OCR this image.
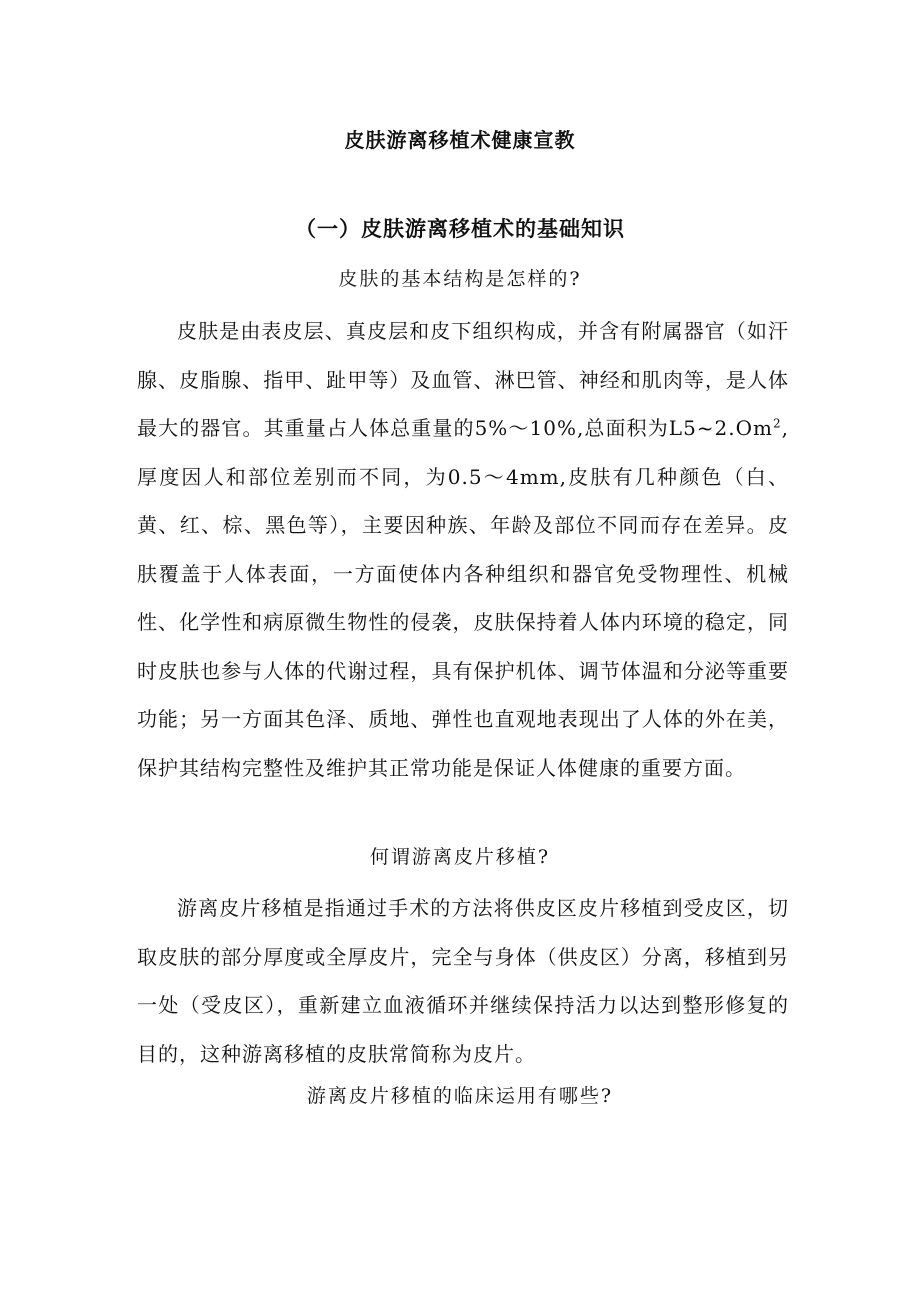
皮肤游离移植术健康宣教
（一）皮肤游离移植术的基础知识

皮肤的基本结构是怎样的?

皮肤是由表皮层、真皮层和皮下组织构成，并含有附属器官（如汗腺、皮脂腺、指甲、趾甲等）及血管、淋巴管、神经和肌肉等，是人体最大的器官。其重量占人体总重量的5%～10%,总面积为L5~2.Om$^2$,厚度因人和部位差别而不同，为0.5～4mm,皮肤有几种颜色（白、黄、红、棕、黑色等），主要因种族、年龄及部位不同而存在差异。皮肤覆盖于人体表面，一方面使体内各种组织和器官免受物理性、机械性、化学性和病原微生物性的侵袭，皮肤保持着人体内环境的稳定，同时皮肤也参与人体的代谢过程，具有保护机体、调节体温和分泌等重要功能；另一方面其色泽、质地、弹性也直观地表现出了人体的外在美，保护其结构完整性及维护其正常功能是保证人体健康的重要方面。

何谓游离皮片移植?

游离皮片移植是指通过手术的方法将供皮区皮片移植到受皮区，切取皮肤的部分厚度或全厚皮片，完全与身体（供皮区）分离，移植到另一处（受皮区），重新建立血液循环并继续保持活力以达到整形修复的目的，这种游离移植的皮肤常简称为皮片。

游离皮片移植的临床运用有哪些?
